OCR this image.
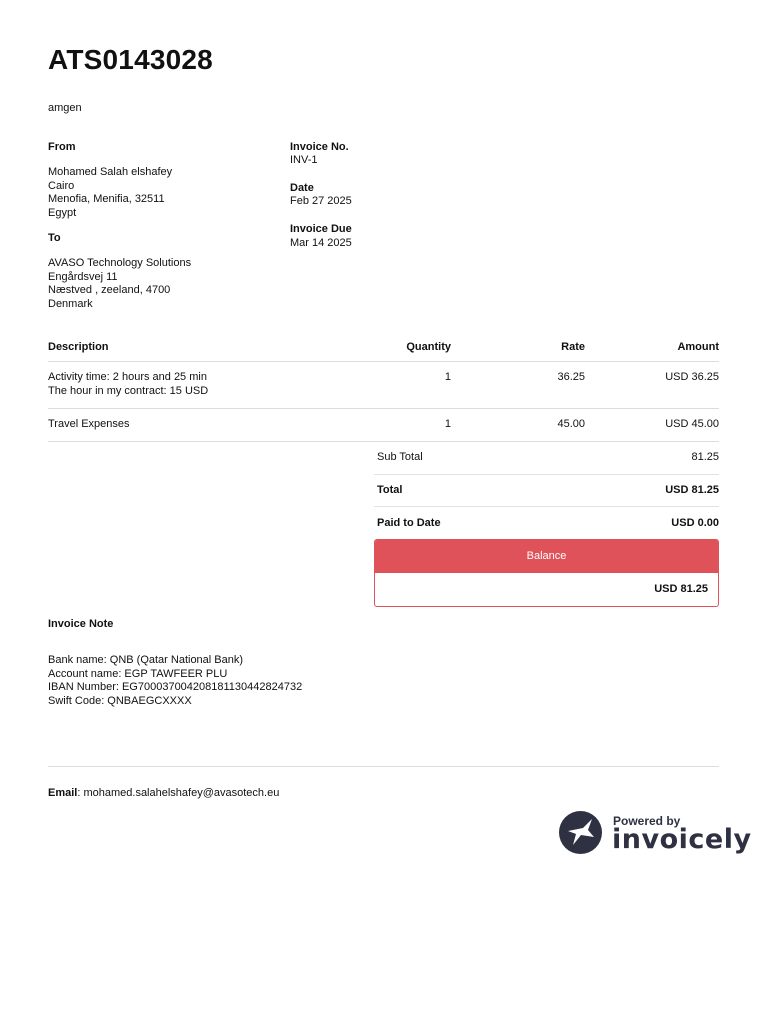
ATS0143028
amgen
From
Mohamed Salah elshafey
Cairo
Menofia, Menifia, 32511
Egypt
To
AVASO Technology Solutions
Engårdsvej 11
Næstved , zeeland, 4700
Denmark
Invoice No.
INV-1
Date
Feb 27 2025
Invoice Due
Mar 14 2025
Description	Quantity	Rate	Amount
Activity time: 2 hours and 25 min
The hour in my contract: 15 USD
1	36.25	USD 36.25
Travel Expenses	1	45.00	USD 45.00
Sub Total	81.25
Total	USD 81.25
Paid to Date	USD 0.00
Balance
USD 81.25
Invoice Note
Bank name: QNB (Qatar National Bank)
Account name: EGP TAWFEER PLU
IBAN Number: EG700037004208181130442824732
Swift Code: QNBAEGCXXXX
Email: mohamed.salahelshafey@avasotech.eu
Powered by
invoicely
